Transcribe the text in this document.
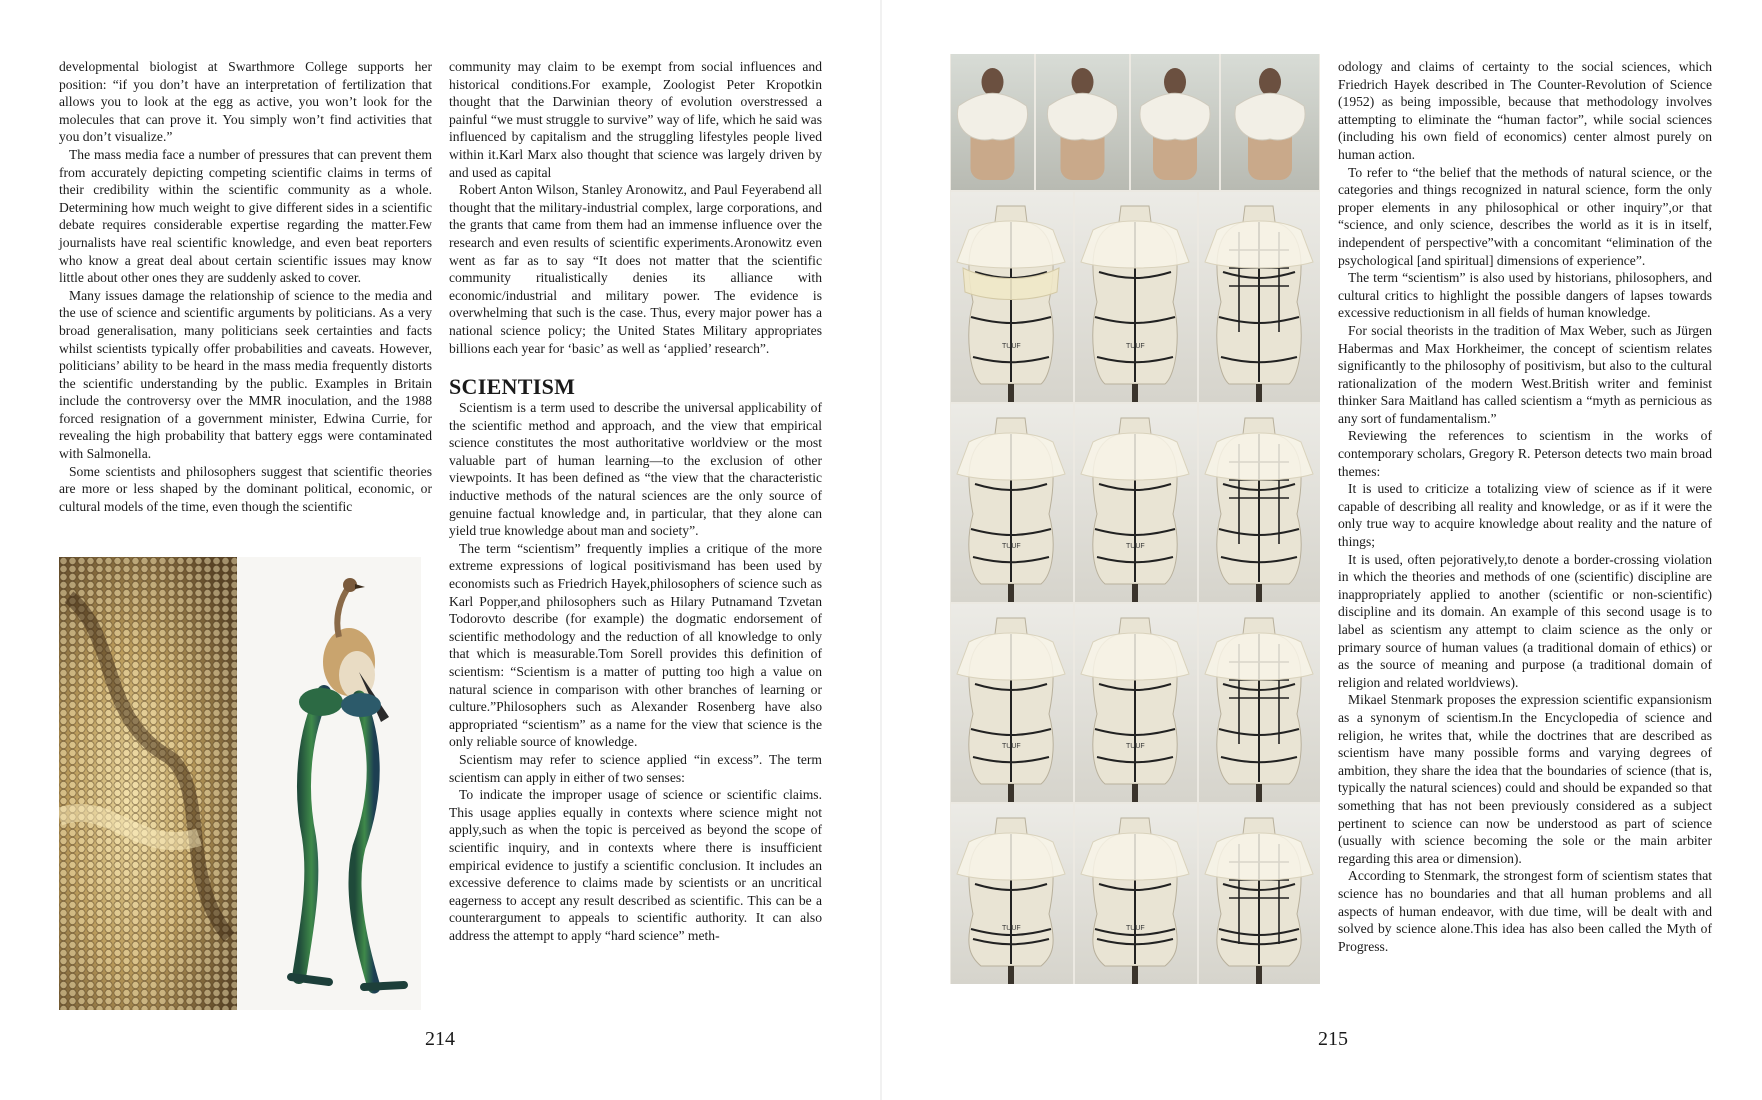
developmental biologist at Swarthmore College supports her position: “if you don’t have an interpretation of fertilization that allows you to look at the egg as active, you won’t look for the molecules that can prove it. You simply won’t find activities that you don’t visualize.”

The mass media face a number of pressures that can prevent them from accurately depicting competing scientific claims in terms of their credibility within the scientific community as a whole. Determining how much weight to give different sides in a scientific debate requires considerable expertise regarding the matter.Few journalists have real scientific knowledge, and even beat reporters who know a great deal about certain scientific issues may know little about other ones they are suddenly asked to cover.

Many issues damage the relationship of science to the media and the use of science and scientific arguments by politicians. As a very broad generalisation, many politicians seek certainties and facts whilst scientists typically offer probabilities and caveats. However, politicians’ ability to be heard in the mass media frequently distorts the scientific understanding by the public. Examples in Britain include the controversy over the MMR inoculation, and the 1988 forced resignation of a government minister, Edwina Currie, for revealing the high probability that battery eggs were contaminated with Salmonella.

Some scientists and philosophers suggest that scientific theories are more or less shaped by the dominant political, economic, or cultural models of the time, even though the scientific

community may claim to be exempt from social influences and historical conditions.For example, Zoologist Peter Kropotkin thought that the Darwinian theory of evolution overstressed a painful “we must struggle to survive” way of life, which he said was influenced by capitalism and the struggling lifestyles people lived within it.Karl Marx also thought that science was largely driven by and used as capital

Robert Anton Wilson, Stanley Aronowitz, and Paul Feyerabend all thought that the military-industrial complex, large corporations, and the grants that came from them had an immense influence over the research and even results of scientific experiments.Aronowitz even went as far as to say “It does not matter that the scientific community ritualistically denies its alliance with economic/industrial and military power. The evidence is overwhelming that such is the case. Thus, every major power has a national science policy; the United States Military appropriates billions each year for ‘basic’ as well as ‘applied’ research”.

SCIENTISM

Scientism is a term used to describe the universal applicability of the scientific method and approach, and the view that empirical science constitutes the most authoritative worldview or the most valuable part of human learning—to the exclusion of other viewpoints. It has been defined as “the view that the characteristic inductive methods of the natural sciences are the only source of genuine factual knowledge and, in particular, that they alone can yield true knowledge about man and society”.

The term “scientism” frequently implies a critique of the more extreme expressions of logical positivismand has been used by economists such as Friedrich Hayek,philosophers of science such as Karl Popper,and philosophers such as Hilary Putnamand Tzvetan Todorovto describe (for example) the dogmatic endorsement of scientific methodology and the reduction of all knowledge to only that which is measurable.Tom Sorell provides this definition of scientism: “Scientism is a matter of putting too high a value on natural science in comparison with other branches of learning or culture.”Philosophers such as Alexander Rosenberg have also appropriated “scientism” as a name for the view that science is the only reliable source of knowledge.

Scientism may refer to science applied “in excess”. The term scientism can apply in either of two senses:

To indicate the improper usage of science or scientific claims. This usage applies equally in contexts where science might not apply,such as when the topic is perceived as beyond the scope of scientific inquiry, and in contexts where there is insufficient empirical evidence to justify a scientific conclusion. It includes an excessive deference to claims made by scientists or an uncritical eagerness to accept any result described as scientific. This can be a counterargument to appeals to scientific authority. It can also address the attempt to apply “hard science” meth-

214
TUUF	TUUF
TUUF	TUUF
TUUF	TUUF
TUUF	TUUF

odology and claims of certainty to the social sciences, which Friedrich Hayek described in The Counter-Revolution of Science (1952) as being impossible, because that methodology involves attempting to eliminate the “human factor”, while social sciences (including his own field of economics) center almost purely on human action.

To refer to “the belief that the methods of natural science, or the categories and things recognized in natural science, form the only proper elements in any philosophical or other inquiry”,or that “science, and only science, describes the world as it is in itself, independent of perspective”with a concomitant “elimination of the psychological [and spiritual] dimensions of experience”.

The term “scientism” is also used by historians, philosophers, and cultural critics to highlight the possible dangers of lapses towards excessive reductionism in all fields of human knowledge.

For social theorists in the tradition of Max Weber, such as Jürgen Habermas and Max Horkheimer, the concept of scientism relates significantly to the philosophy of positivism, but also to the cultural rationalization of the modern West.British writer and feminist thinker Sara Maitland has called scientism a “myth as pernicious as any sort of fundamentalism.”

Reviewing the references to scientism in the works of contemporary scholars, Gregory R. Peterson detects two main broad themes:

It is used to criticize a totalizing view of science as if it were capable of describing all reality and knowledge, or as if it were the only true way to acquire knowledge about reality and the nature of things;

It is used, often pejoratively,to denote a border-crossing violation in which the theories and methods of one (scientific) discipline are inappropriately applied to another (scientific or non-scientific) discipline and its domain. An example of this second usage is to label as scientism any attempt to claim science as the only or primary source of human values (a traditional domain of ethics) or as the source of meaning and purpose (a traditional domain of religion and related worldviews).

Mikael Stenmark proposes the expression scientific expansionism as a synonym of scientism.In the Encyclopedia of science and religion, he writes that, while the doctrines that are described as scientism have many possible forms and varying degrees of ambition, they share the idea that the boundaries of science (that is, typically the natural sciences) could and should be expanded so that something that has not been previously considered as a subject pertinent to science can now be understood as part of science (usually with science becoming the sole or the main arbiter regarding this area or dimension).

According to Stenmark, the strongest form of scientism states that science has no boundaries and that all human problems and all aspects of human endeavor, with due time, will be dealt with and solved by science alone.This idea has also been called the Myth of Progress.

215
